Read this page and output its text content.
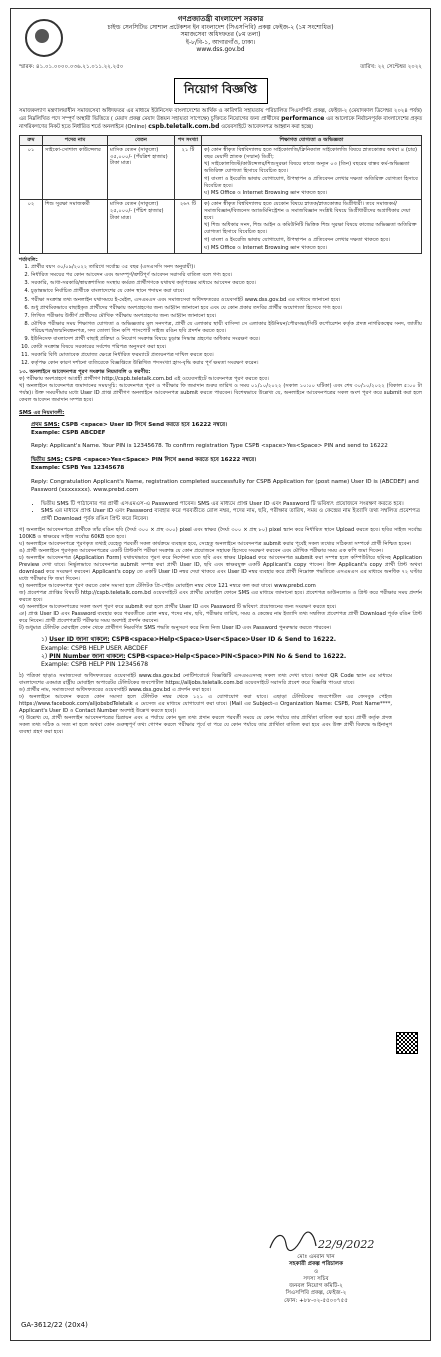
গণপ্রজাতন্ত্রী বাংলাদেশ সরকার
চাইল্ড সেনসিটিভ সোশাল প্রটেকশন ইন বাংলাদেশ (সিএসপিবি) প্রকল্প ফেইজ-২ (১ম সংশোধিত)
সমাজসেবা অধিদফতর (৮ম তলা)
ই-৮/বি-১, আগারগাঁও, ঢাকা।
www.dss.gov.bd
স্মারক: ৪১.০১.০০০০.০৩৬.২১.০১১.২২.২৫০	তারিখ: ২২ সেপ্টেম্বর ২০২২
নিয়োগ বিজ্ঞপ্তি
সমাজকল্যাণ মন্ত্রণালয়াধীন সমাজসেবা অধিদফতর এর মাধ্যমে ইউনিসেফ বাংলাদেশের আর্থিক ও কারিগরি সহায়তায় পরিচালিত সিএসপিবি প্রকল্প, ফেইজ-২ (মেয়াদকাল ডিসেম্বর ২০২৪ পর্যন্ত) এর নিম্নলিখিত পদে সম্পূর্ণ অস্থায়ী ভিত্তিতে ( মেয়াদ প্রকল্প মেয়াদ উন্নয়ন সহায়তা সাপেক্ষে) চুক্তিতে নিয়োগের জন্য প্রার্থীদের performance এর আলোকে নির্বাচনপূর্বক বাংলাদেশের প্রকৃত নাগরিকগণের নিকট হতে নির্ধারিত শর্তে অনলাইনে (Online) cspb.teletalk.com.bd ওয়েবসাইটে আবেদনপত্র আহ্বান করা হচ্ছে।
ক্রম	পদের নাম	বেতন	পদ সংখ্যা	শিক্ষাগত যোগ্যতা ও অভিজ্ঞতা
০১	সাইকো-সোশাল কাউন্সেলর	মাসিক বেতন (সাকুল্যে) ৩৫,০০০/- (পঁয়ত্রিশ হাজার) টাকা মাত্র।	২১ টি	ক) কোন স্বীকৃত বিশ্ববিদ্যালয় হতে সাইকোলজি/ক্লিনিক্যাল সাইকোলজি বিষয়ে স্নাতকোত্তর অথবা ৪ (চার) বছর মেয়াদী স্নাতক (সম্মান) ডিগ্রী;
খ) সাইকোলজিস্ট/কাউন্সেলর/শিশুসুরক্ষা বিষয়ে কাজে অন্যূন ০৩ (তিন) বছরের বাস্তব কর্ম-অভিজ্ঞতা অতিরিক্ত যোগ্যতা হিসাবে বিবেচিত হবে।
গ) বাংলা ও ইংরেজি ভাষায় যোগাযোগ, উপস্থাপন ও প্রতিবেদন লেখার দক্ষতা অতিরিক্ত যোগ্যতা হিসাবে বিবেচিত হবে।
ঘ) MS Office ও Internet Browsing জ্ঞান থাকতে হবে।

০২	শিশু সুরক্ষা সমাজকর্মী	মাসিক বেতন (সাকুল্যে) ২৫,০০০/- (পঁচিশ হাজার) টাকা মাত্র।	২৬৭ টি	ক) কোন স্বীকৃত বিশ্ববিদ্যালয় হতে যেকোন বিষয়ে স্নাতক/স্নাতকোত্তর ডিগ্রীধারী। তবে সমাজকর্ম/সমাজবিজ্ঞান/বিজনেস অ্যাডমিনিস্ট্রেশন ও সমাজবিজ্ঞান সংশ্লিষ্ট বিষয়ে ডিগ্রীধারীদের অগ্রাধিকার দেয়া হবে।
খ) শিশু অধিকার সনদ, শিশু আইন ও কমিউনিটি ভিত্তিক শিশু সুরক্ষা বিষয়ে কাজের অভিজ্ঞতা অতিরিক্ত যোগ্যতা হিসাবে বিবেচিত হবে।
গ) বাংলা ও ইংরেজি ভাষায় যোগাযোগ, উপস্থাপন ও প্রতিবেদন লেখার দক্ষতা থাকতে হবে।
ঘ) MS Office ও Internet Browsing জ্ঞান থাকতে হবে।
শর্তাবলি:
1. প্রার্থীর বয়স ৩০/০৯/২০২২ তারিখে সর্বোচ্চ ৩৫ বছর (এসএসসি সনদ অনুযায়ী)।
2. নির্ধারিত সময়ের পর কোন আবেদন এবং অসম্পূর্ণ/ত্রুটিপূর্ণ আবেদন সরাসরি বাতিল বলে গণ্য হবে।
3. সরকারি, আধা-সরকারি/স্বায়ত্তশাসিত সংস্থায় কর্মরত প্রার্থীগণকে যথাযথ কর্তৃপক্ষের মাধ্যমে আবেদন করতে হবে।
4. চূড়ান্তভাবে নির্বাচিত প্রার্থীকে বাংলাদেশের যে কোন স্থানে পদায়ন করা যাবে।
5. পরীক্ষা সংক্রান্ত তথ্য অনলাইন যথাসময়ে ই-মেইল, এসএমএস এবং সমাজসেবা অধিদফতরের ওয়েবসাইট www.dss.gov.bd এর মাধ্যমে জানানো হবে।
6. শুধু প্রাথমিকভাবে বাছাইকৃত প্রার্থীদের পরীক্ষায় অংশগ্রহণের জন্য আহ্বান জানানো হবে এবং যে কোন প্রকার তদবির প্রার্থীর অযোগ্যতা হিসেবে গণ্য হবে।
7. লিখিত পরীক্ষায় উত্তীর্ণ প্রার্থীদের মৌখিক পরীক্ষায় অংশগ্রহণের জন্য আহ্বান জানানো হবে।
8. মৌখিক পরীক্ষার সময় শিক্ষাগত যোগ্যতা ও অভিজ্ঞতার মূল সনদপত্র, প্রার্থী যে এলাকার স্থায়ী বাসিন্দা সে এলাকার ইউনিয়ন/পৌরসভা/সিটি কর্পোরেশন কর্তৃক প্রদত্ত নাগরিকত্বের সনদ, জাতীয় পরিচয়পত্র/জন্মনিবন্ধনপত্র, সদ্য তোলা তিন কপি পাসপোর্ট সাইজ রঙিন ছবি প্রদর্শন করতে হবে।
9. ইউনিসেফ বাংলাদেশ প্রার্থী বাছাই প্রক্রিয়া ও নিয়োগ সংক্রান্ত বিষয়ে চূড়ান্ত সিদ্ধান্ত গ্রহণের অধিকার সংরক্ষণ করে।
10. কোটা সংক্রান্ত বিষয়ে সরকারের সর্বশেষ পরিপত্র অনুসরণ করা হবে।
11. সরকারি বিধি মোতাবেক প্রযোজ্য ক্ষেত্রে নির্ধারিত ফরম্যাটে প্রত্যয়নপত্র দাখিল করতে হবে।
12. কর্তৃপক্ষ কোন কারণ দর্শানো ব্যতিরেকে বিজ্ঞপ্তিতে উল্লিখিত পদসংখ্যা হ্রাস-বৃদ্ধি করার পূর্ণ ক্ষমতা সংরক্ষণ করেন।
১৩. অনলাইনে আবেদনপত্র পূরণ সংক্রান্ত নিয়মাবলি ও করণীয়:
ক) পরীক্ষায় অংশগ্রহণে আগ্রহী প্রার্থীগণ http://cspb.teletalk.com.bd এই ওয়েবসাইটে আবেদনপত্র পূরণ করতে হবে।
খ) অনলাইনে আবেদনপত্র জমাদানের সময়সূচি: আবেদনপত্র পূরণ ও পরীক্ষার ফি জমাদান শুরুর তারিখ ও সময় ০১/১০/২০২২ (সকাল ১০:০০ ঘটিকা) এবং শেষ ৩০/১০/২০২২ (বিকাল ৫:০০ টা পর্যন্ত)। উক্ত সময়সীমার মধ্যে User ID প্রাপ্ত প্রার্থীগণ অনলাইনে আবেদনপত্র submit করতে পারবেন। বিশেষভাবে উল্লেখ্য যে, অনলাইনে আবেদনপত্রের সকল অংশ পূরণ করে submit করা হলে কেবল আবেদন জমাদান সম্পন্ন হবে।
SMS এর নিয়মাবলী:
প্রথম SMS: CSPB <space> User ID লিখে Send করতে হবে 16222 নম্বরে।
Example: CSPB ABCDEF
Reply: Applicant's Name. Your PIN is 12345678. To confirm registration Type CSPB <space>Yes<Space> PIN and send to 16222
দ্বিতীয় SMS: CSPB <space>Yes<Space> PIN লিখে send করতে হবে 16222 নম্বরে।
Example: CSPB Yes 12345678
Reply: Congratulation Applicant's Name, registration completed successfully for CSPB Application for (post name) User ID is (ABCDEF) and Password (xxxxxxxx). www.prebd.com
• দ্বিতীয় SMS টি পাঠানোর পর প্রার্থী এসএমএস-এ Password পাবেন। SMS এর মাধ্যমে প্রাপ্ত User ID এবং Password টি ভবিষ্যৎ প্রয়োজনে সংরক্ষণ করতে হবে।
• SMS এর মাধ্যমে প্রাপ্ত User ID এবং Password ব্যবহার করে পরবর্তীতে রোল নম্বর, পদের নাম, ছবি, পরীক্ষার তারিখ, সময় ও কেন্দ্রের নাম ইত্যাদি তথ্য সম্বলিত প্রবেশপত্র প্রার্থী Download পূর্বক রঙিন প্রিন্ট করে নিবেন।
গ) অনলাইন আবেদনপত্রে প্রার্থীকে তাঁর রঙিন ছবি (দৈর্ঘ্য ৩০০ × প্রস্থ ৩০০) pixel এবং স্বাক্ষর (দৈর্ঘ্য ৩০০ × প্রস্থ ৮০) pixel স্ক্যান করে নির্ধারিত স্থানে Upload করতে হবে। ছবির সাইজ সর্বোচ্চ 100KB ও স্বাক্ষরের সাইজ সর্বোচ্চ 60KB হতে হবে।
ঘ) অনলাইনে আবেদনপত্রে পূরণকৃত তথ্যই যেহেতু পরবর্তী সকল কার্যক্রমে ব্যবহৃত হবে, সেহেতু অনলাইনে আবেদনপত্র submit করার পূর্বেই সকল তথ্যের সঠিকতা সম্পর্কে প্রার্থী নিশ্চিত হবেন।
ঙ) প্রার্থী অনলাইনে পূরণকৃত আবেদনপত্রের একটি প্রিন্টকপি পরীক্ষা সংক্রান্ত যে কোন প্রয়োজনে সহায়ক হিসেবে সংরক্ষণ করবেন এবং মৌখিক পরীক্ষার সময় এক কপি জমা দিবেন।
চ) অনলাইন আবেদনপত্র (Application Form) যথাযথভাবে পূরণ করে নির্দেশনা মতে ছবি এবং স্বাক্ষর Upload করে আবেদনপত্র submit করা সম্পন্ন হলে কম্পিউটারে ছবিসহ Application Preview দেখা যাবে। নির্ভুলভাবে আবেদনপত্র submit সম্পন্ন করা প্রার্থী User ID, ছবি এবং স্বাক্ষরযুক্ত একটি Applicant's copy পাবেন। উক্ত Applicant's copy প্রার্থী প্রিন্ট অথবা download করে সংরক্ষণ করবেন। Applicant's copy তে একটি User ID নম্বর দেয়া থাকবে এবং User ID নম্বর ব্যবহার করে প্রার্থী নিম্নোক্ত পদ্ধতিতে এসএমএস এর মাধ্যমে অনধিক ৭২ ঘণ্টার মধ্যে পরীক্ষার ফি জমা দিবেন।
ছ) অনলাইনে আবেদনপত্র পূরণ করতে কোন সমস্যা হলে টেলিটক প্রি-পেইড মোবাইল নম্বর থেকে 121 নম্বরে কল করা যাবে। www.prebd.com
জ) প্রবেশপত্র প্রাপ্তির বিষয়টি http://cspb.teletalk.com.bd ওয়েবসাইটে এবং প্রার্থীর মোবাইল ফোনে SMS এর মাধ্যমে জানানো হবে। প্রবেশপত্র ডাউনলোড ও প্রিন্ট করে পরীক্ষার সময় প্রদর্শন করতে হবে।
ঝ) অনলাইনে আবেদনপত্রের সকল অংশ পূরণ করে submit করা হলে প্রার্থীর User ID এবং Password টি ভবিষ্যৎ প্রয়োজনের জন্য সংরক্ষণ করতে হবে।
ঞ) প্রাপ্ত User ID এবং Password ব্যবহার করে পরবর্তীতে রোল নম্বর, পদের নাম, ছবি, পরীক্ষার তারিখ, সময় ও কেন্দ্রের নাম ইত্যাদি তথ্য সম্বলিত প্রবেশপত্র প্রার্থী Download পূর্বক রঙিন প্রিন্ট করে নিবেন। প্রার্থী প্রবেশপত্রটি পরীক্ষার সময় অবশ্যই প্রদর্শন করবেন।
ট) শুধুমাত্র টেলিটক মোবাইল ফোন থেকে প্রার্থীগণ নিম্নবর্ণিত SMS পদ্ধতি অনুসরণ করে নিজ নিজ User ID এবং Password পুনরুদ্ধার করতে পারবেন।
১) User ID জানা থাকলে: CSPB<space>Help<Space>User<Space>User ID & Send to 16222.
Example: CSPB HELP USER ABCDEF
২) PIN Number জানা থাকলে: CSPB<space>Help<Space>PIN<Space>PIN No & Send to 16222.
Example: CSPB HELP PIN 12345678
ঠ) পত্রিকা ছাড়াও সমাজসেবা অধিদফতরের ওয়েবসাইট www.dss.gov.bd নোটিশবোর্ডে বিজ্ঞপ্তিটি এসএমএসসহ সকল তথ্য দেখা যাবে। অথবা QR Code স্ক্যান এর মাধ্যমে বাংলাদেশের একমাত্র রাষ্ট্রীয় মোবাইল অপারেটর টেলিটকের জবপোর্টাল https://alljobs.teletalk.com.bd ওয়েবসাইটে সরাসরি প্রবেশ করে বিজ্ঞপ্তি পাওয়া যাবে।
ড) প্রার্থীর নাম, সমাজসেবা অধিদফতরের ওয়েবসাইট www.dss.gov.bd এ প্রদর্শন করা হবে।
ঢ) অনলাইনে আবেদন করতে কোন সমস্যা হলে টেলিটক নম্বর থেকে ১২১ এ যোগাযোগ করা যাবে। এছাড়া টেলিটকের জবপোর্টাল এর ফেসবুক পেইজ https://www.facebook.com/alljobsbdTeletalk এ মেসেজ এর মাধ্যমে যোগাযোগ করা যাবে। (Mail এর Subject-এ Organization Name: CSPB, Post Name****, Applicant's User ID ও Contact Number অবশ্যই উল্লেখ করতে হবে)।
ণ) উল্লেখ্য যে, প্রার্থী অনলাইন আবেদনপত্রের চিত্রায়ন এবং এ পর্যায়ে কোন ভুল তথ্য প্রদান করলে পরবর্তী সময়ে যে কোন পর্যায়ে তার প্রার্থিতা বাতিল করা হবে। প্রার্থী কর্তৃক প্রদত্ত সকল তথ্য সঠিক ও সত্য না হলে অথবা কোন গুরুত্বপূর্ণ তথ্য গোপন করলে পরীক্ষার পূর্বে বা পরে যে কোন পর্যায়ে তার প্রার্থিতা বাতিল করা হবে এবং উক্ত প্রার্থী বিরুদ্ধে আইনানুগ ব্যবস্থা গ্রহণ করা হবে।
22/9/2022
মোঃ এমরান খান
সহকারী প্রকল্প পরিচালক
ও
সদস্য সচিব
জনবল নিয়োগ কমিটি-২
সিএসপিবি প্রকল্প, ফেইজ-২
ফোন: +৮৮-০২-৫৫০০৭৫৫
GA-3612/22 (20x4)
